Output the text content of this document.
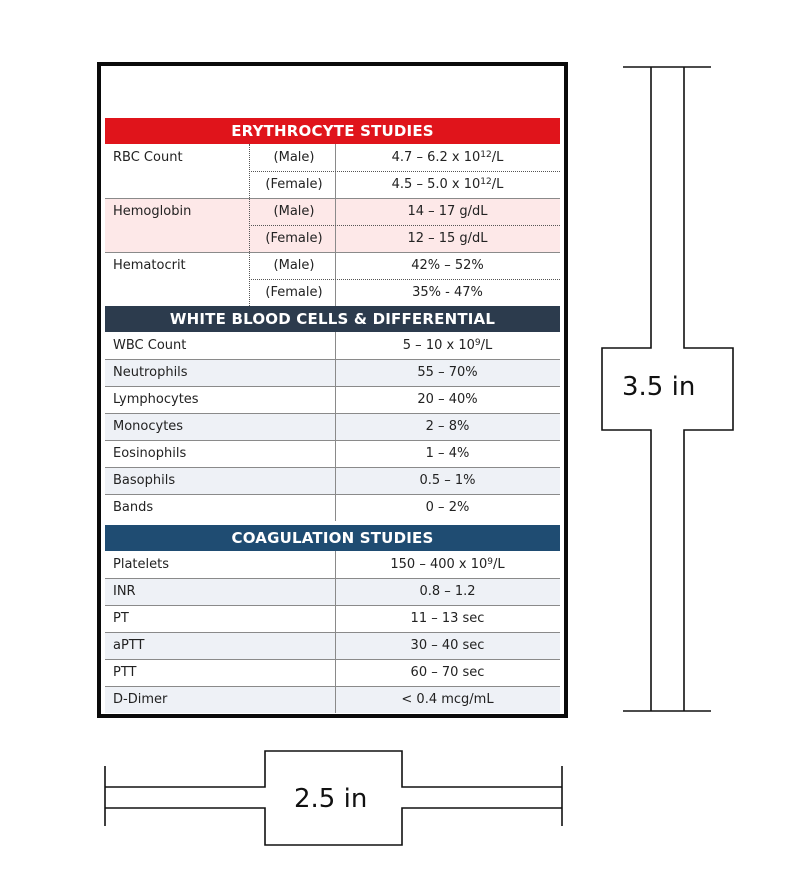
ERYTHROCYTE STUDIES
RBC Count	(Male)	4.7 – 6.2 x $10^{12}$ /L
(Female)	4.5 – 5.0 x $10^{12}$ /L
Hemoglobin	(Male)	14 – 17 g/dL
(Female)	12 – 15 g/dL
Hematocrit	(Male)	42% – 52%
(Female)	35% - 47%
WHITE BLOOD CELLS & DIFFERENTIAL
WBC Count	5 – 10 x $10^9$ /L
Neutrophils	55 – 70%
Lymphocytes	20 – 40%
Monocytes	2 – 8%
Eosinophils	1 – 4%
Basophils	0.5 – 1%
Bands	0 – 2%
COAGULATION STUDIES
Platelets	150 – 400 x $10^9$ /L
INR	0.8 – 1.2
PT	11 – 13 sec
aPTT	30 – 40 sec
PTT	60 – 70 sec
D-Dimer	< 0.4 mcg/mL
3.5 in
2.5 in
